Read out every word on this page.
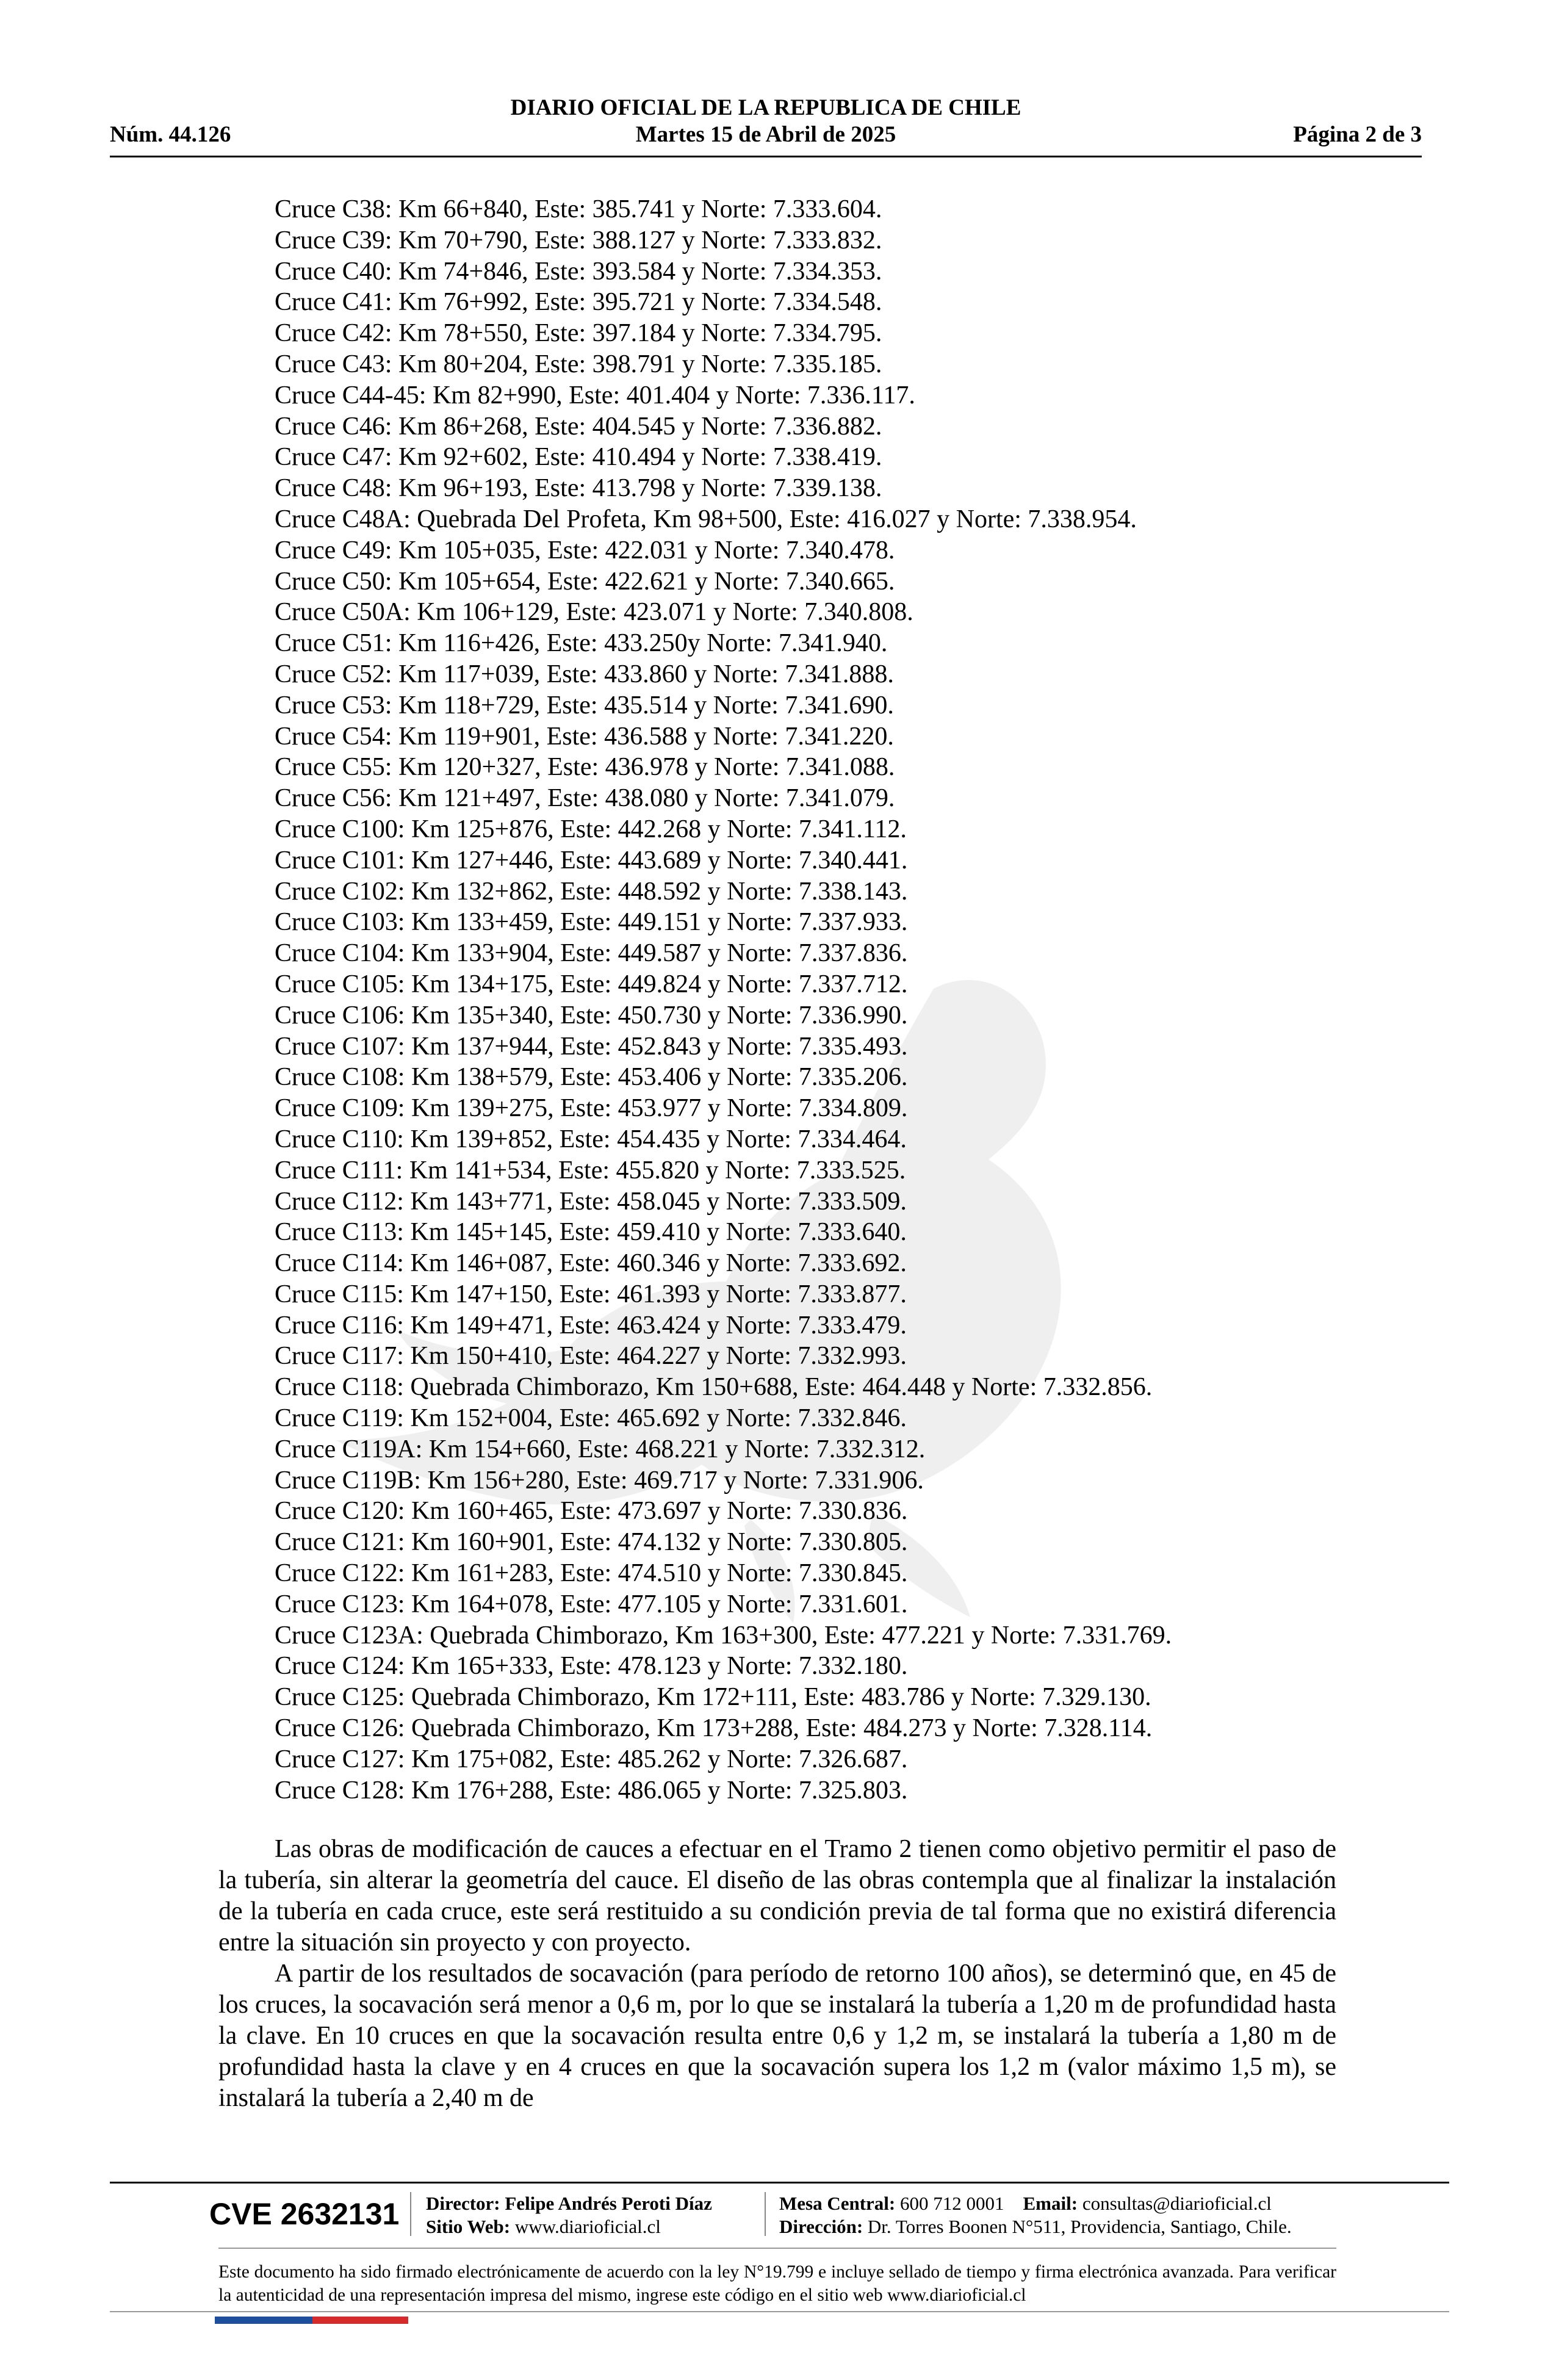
DIARIO OFICIAL DE LA REPUBLICA DE CHILE
Núm. 44.126	Martes 15 de Abril de 2025	Página 2 de 3
Cruce C38: Km 66+840, Este: 385.741 y Norte: 7.333.604.
Cruce C39: Km 70+790, Este: 388.127 y Norte: 7.333.832.
Cruce C40: Km 74+846, Este: 393.584 y Norte: 7.334.353.
Cruce C41: Km 76+992, Este: 395.721 y Norte: 7.334.548.
Cruce C42: Km 78+550, Este: 397.184 y Norte: 7.334.795.
Cruce C43: Km 80+204, Este: 398.791 y Norte: 7.335.185.
Cruce C44-45: Km 82+990, Este: 401.404 y Norte: 7.336.117.
Cruce C46: Km 86+268, Este: 404.545 y Norte: 7.336.882.
Cruce C47: Km 92+602, Este: 410.494 y Norte: 7.338.419.
Cruce C48: Km 96+193, Este: 413.798 y Norte: 7.339.138.
Cruce C48A: Quebrada Del Profeta, Km 98+500, Este: 416.027 y Norte: 7.338.954.
Cruce C49: Km 105+035, Este: 422.031 y Norte: 7.340.478.
Cruce C50: Km 105+654, Este: 422.621 y Norte: 7.340.665.
Cruce C50A: Km 106+129, Este: 423.071 y Norte: 7.340.808.
Cruce C51: Km 116+426, Este: 433.250y Norte: 7.341.940.
Cruce C52: Km 117+039, Este: 433.860 y Norte: 7.341.888.
Cruce C53: Km 118+729, Este: 435.514 y Norte: 7.341.690.
Cruce C54: Km 119+901, Este: 436.588 y Norte: 7.341.220.
Cruce C55: Km 120+327, Este: 436.978 y Norte: 7.341.088.
Cruce C56: Km 121+497, Este: 438.080 y Norte: 7.341.079.
Cruce C100: Km 125+876, Este: 442.268 y Norte: 7.341.112.
Cruce C101: Km 127+446, Este: 443.689 y Norte: 7.340.441.
Cruce C102: Km 132+862, Este: 448.592 y Norte: 7.338.143.
Cruce C103: Km 133+459, Este: 449.151 y Norte: 7.337.933.
Cruce C104: Km 133+904, Este: 449.587 y Norte: 7.337.836.
Cruce C105: Km 134+175, Este: 449.824 y Norte: 7.337.712.
Cruce C106: Km 135+340, Este: 450.730 y Norte: 7.336.990.
Cruce C107: Km 137+944, Este: 452.843 y Norte: 7.335.493.
Cruce C108: Km 138+579, Este: 453.406 y Norte: 7.335.206.
Cruce C109: Km 139+275, Este: 453.977 y Norte: 7.334.809.
Cruce C110: Km 139+852, Este: 454.435 y Norte: 7.334.464.
Cruce C111: Km 141+534, Este: 455.820 y Norte: 7.333.525.
Cruce C112: Km 143+771, Este: 458.045 y Norte: 7.333.509.
Cruce C113: Km 145+145, Este: 459.410 y Norte: 7.333.640.
Cruce C114: Km 146+087, Este: 460.346 y Norte: 7.333.692.
Cruce C115: Km 147+150, Este: 461.393 y Norte: 7.333.877.
Cruce C116: Km 149+471, Este: 463.424 y Norte: 7.333.479.
Cruce C117: Km 150+410, Este: 464.227 y Norte: 7.332.993.
Cruce C118: Quebrada Chimborazo, Km 150+688, Este: 464.448 y Norte: 7.332.856.
Cruce C119: Km 152+004, Este: 465.692 y Norte: 7.332.846.
Cruce C119A: Km 154+660, Este: 468.221 y Norte: 7.332.312.
Cruce C119B: Km 156+280, Este: 469.717 y Norte: 7.331.906.
Cruce C120: Km 160+465, Este: 473.697 y Norte: 7.330.836.
Cruce C121: Km 160+901, Este: 474.132 y Norte: 7.330.805.
Cruce C122: Km 161+283, Este: 474.510 y Norte: 7.330.845.
Cruce C123: Km 164+078, Este: 477.105 y Norte: 7.331.601.
Cruce C123A: Quebrada Chimborazo, Km 163+300, Este: 477.221 y Norte: 7.331.769.
Cruce C124: Km 165+333, Este: 478.123 y Norte: 7.332.180.
Cruce C125: Quebrada Chimborazo, Km 172+111, Este: 483.786 y Norte: 7.329.130.
Cruce C126: Quebrada Chimborazo, Km 173+288, Este: 484.273 y Norte: 7.328.114.
Cruce C127: Km 175+082, Este: 485.262 y Norte: 7.326.687.
Cruce C128: Km 176+288, Este: 486.065 y Norte: 7.325.803.

Las obras de modificación de cauces a efectuar en el Tramo 2 tienen como objetivo permitir el paso de la tubería, sin alterar la geometría del cauce. El diseño de las obras contempla que al finalizar la instalación de la tubería en cada cruce, este será restituido a su condición previa de tal forma que no existirá diferencia entre la situación sin proyecto y con proyecto.

A partir de los resultados de socavación (para período de retorno 100 años), se determinó que, en 45 de los cruces, la socavación será menor a 0,6 m, por lo que se instalará la tubería a 1,20 m de profundidad hasta la clave. En 10 cruces en que la socavación resulta entre 0,6 y 1,2 m, se instalará la tubería a 1,80 m de profundidad hasta la clave y en 4 cruces en que la socavación supera los 1,2 m (valor máximo 1,5 m), se instalará la tubería a 2,40 m de

CVE 2632131 Director: Felipe Andrés Peroti Díaz
Sitio Web: www.diarioficial.cl
Mesa Central: 600 712 0001 Email: consultas@diarioficial.cl
Dirección: Dr. Torres Boonen N°511, Providencia, Santiago, Chile.
Este documento ha sido firmado electrónicamente de acuerdo con la ley N°19.799 e incluye sellado de tiempo y firma electrónica avanzada. Para verificar la autenticidad de una representación impresa del mismo, ingrese este código en el sitio web www.diarioficial.cl
